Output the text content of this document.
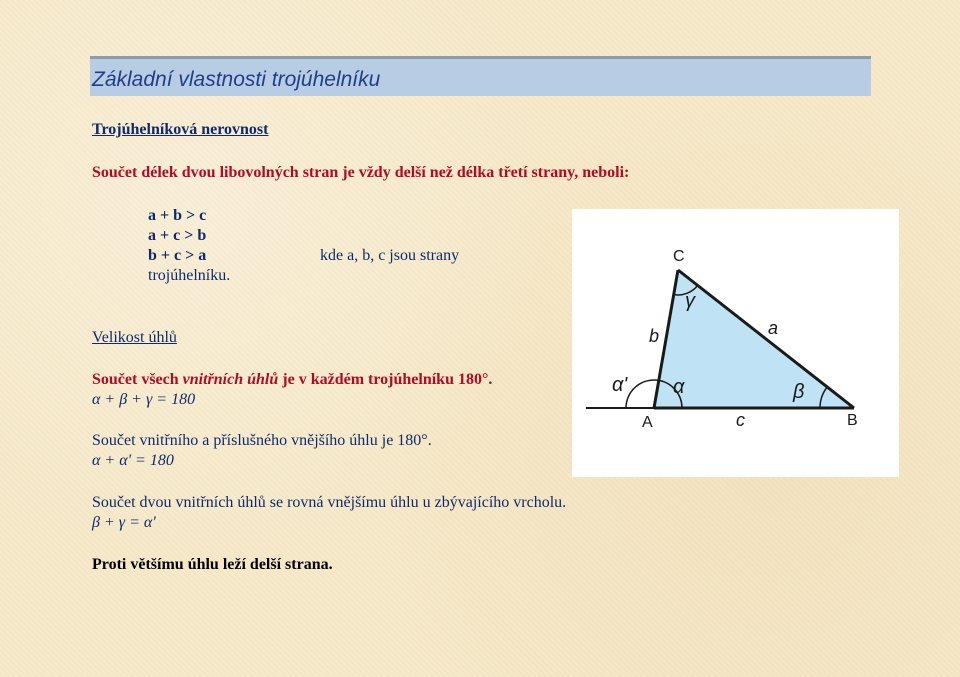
Základní vlastnosti trojúhelníku
Trojúhelníková nerovnost
Součet délek dvou libovolných stran je vždy delší než délka třetí strany, neboli:
a + b > c
a + c > b
b + c > a	kde a, b, c jsou strany
trojúhelníku.
Velikost úhlů
Součet všech vnitřních úhlů je v každém trojúhelníku 180°.
α + β + γ = 180
Součet vnitřního a příslušného vnějšího úhlu je 180°.
α + α' = 180
Součet dvou vnitřních úhlů se rovná vnějšímu úhlu u zbývajícího vrcholu.
β + γ = α'
Proti většímu úhlu leží delší strana.
C
A	B
a
b
c
γ
α	β
α'
